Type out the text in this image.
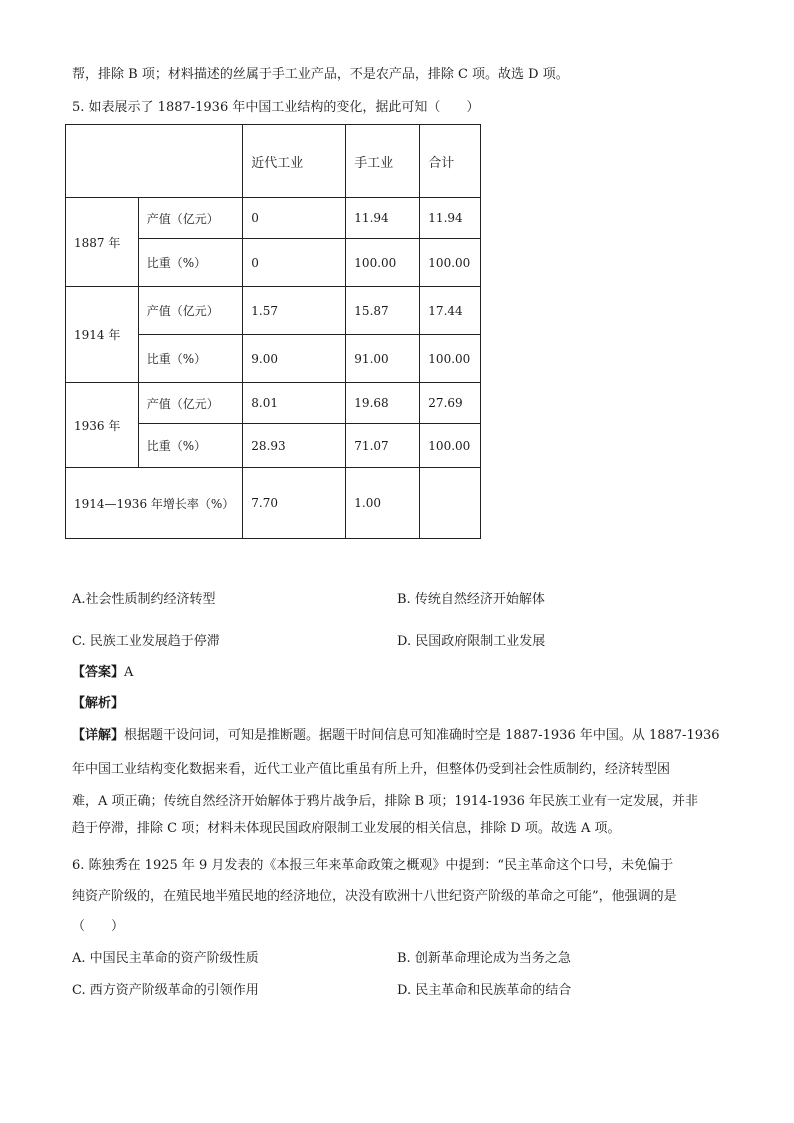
帮，排除 B 项；材料描述的丝属于手工业产品，不是农产品，排除 C 项。故选 D 项。
5. 如表展示了 1887-1936 年中国工业结构的变化，据此可知（　　）
		近代工业	手工业	合计
1887 年	产值（亿元）	0	11.94	11.94
	比重（%）	0	100.00	100.00
1914 年	产值（亿元）	1.57	15.87	17.44
	比重（%）	9.00	91.00	100.00
1936 年	产值（亿元）	8.01	19.68	27.69
	比重（%）	28.93	71.07	100.00
1914—1936 年增长率（%）		7.70	1.00	
A.社会性质制约经济转型	B. 传统自然经济开始解体
C. 民族工业发展趋于停滞	D. 民国政府限制工业发展
【答案】A
【解析】
【详解】根据题干设问词，可知是推断题。据题干时间信息可知准确时空是 1887-1936 年中国。从 1887-1936
年中国工业结构变化数据来看，近代工业产值比重虽有所上升，但整体仍受到社会性质制约，经济转型困
难，A 项正确；传统自然经济开始解体于鸦片战争后，排除 B 项；1914-1936 年民族工业有一定发展，并非
趋于停滞，排除 C 项；材料未体现民国政府限制工业发展的相关信息，排除 D 项。故选 A 项。
6. 陈独秀在 1925 年 9 月发表的《本报三年来革命政策之概观》中提到：“民主革命这个口号，未免偏于
纯资产阶级的，在殖民地半殖民地的经济地位，决没有欧洲十八世纪资产阶级的革命之可能”，他强调的是
（　　）
A. 中国民主革命的资产阶级性质	B. 创新革命理论成为当务之急
C. 西方资产阶级革命的引领作用	D. 民主革命和民族革命的结合
